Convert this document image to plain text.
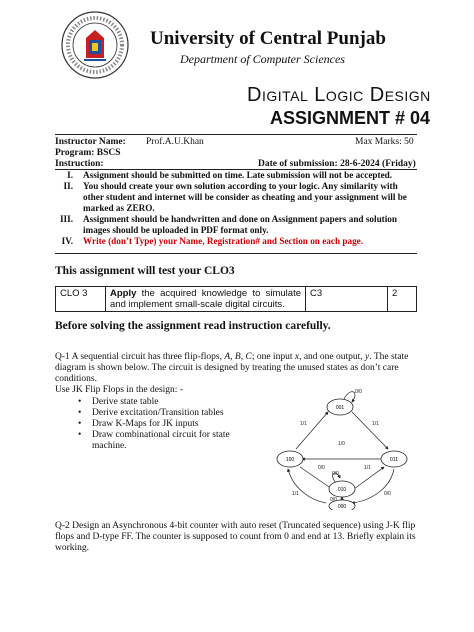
University of Central Punjab
Department of Computer Sciences
Digital Logic Design
ASSIGNMENT # 04
Instructor Name: Prof.A.U.Khan	Max Marks: 50
Program: BSCS
Instruction:	Date of submission: 28-6-2024 (Friday)
I.	Assignment should be submitted on time. Late submission will not be accepted.
II.	You should create your own solution according to your logic. Any similarity with other student and internet will be consider as cheating and your assignment will be marked as ZERO.
III.	Assignment should be handwritten and done on Assignment papers and solution images should be uploaded in PDF format only.
IV.	Write (don’t Type) your Name, Registration# and Section on each page.
This assignment will test your CLO3
CLO 3	Apply the acquired knowledge to simulate and implement small-scale digital circuits.	C3	2
Before solving the assignment read instruction carefully.

Q-1 A sequential circuit has three flip-flops, A, B, C; one input x, and one output, y. The state diagram is shown below. The circuit is designed by treating the unused states as don’t care conditions.

Use JK Flip Flops in the design: -

• Derive state table
• Derive excitation/Transition tables
• Draw K-Maps for JK inputs
• Draw combinational circuit for state machine.
001
100	011
010
000
0/0
1/1
1/0
1/1
0/0
0/0
1/1
1/1	0/0
0/0
Q-2 Design an Asynchronous 4-bit counter with auto reset (Truncated sequence) using J-K flip flops and D-type FF. The counter is supposed to count from 0 and end at 13. Briefly explain its working.
